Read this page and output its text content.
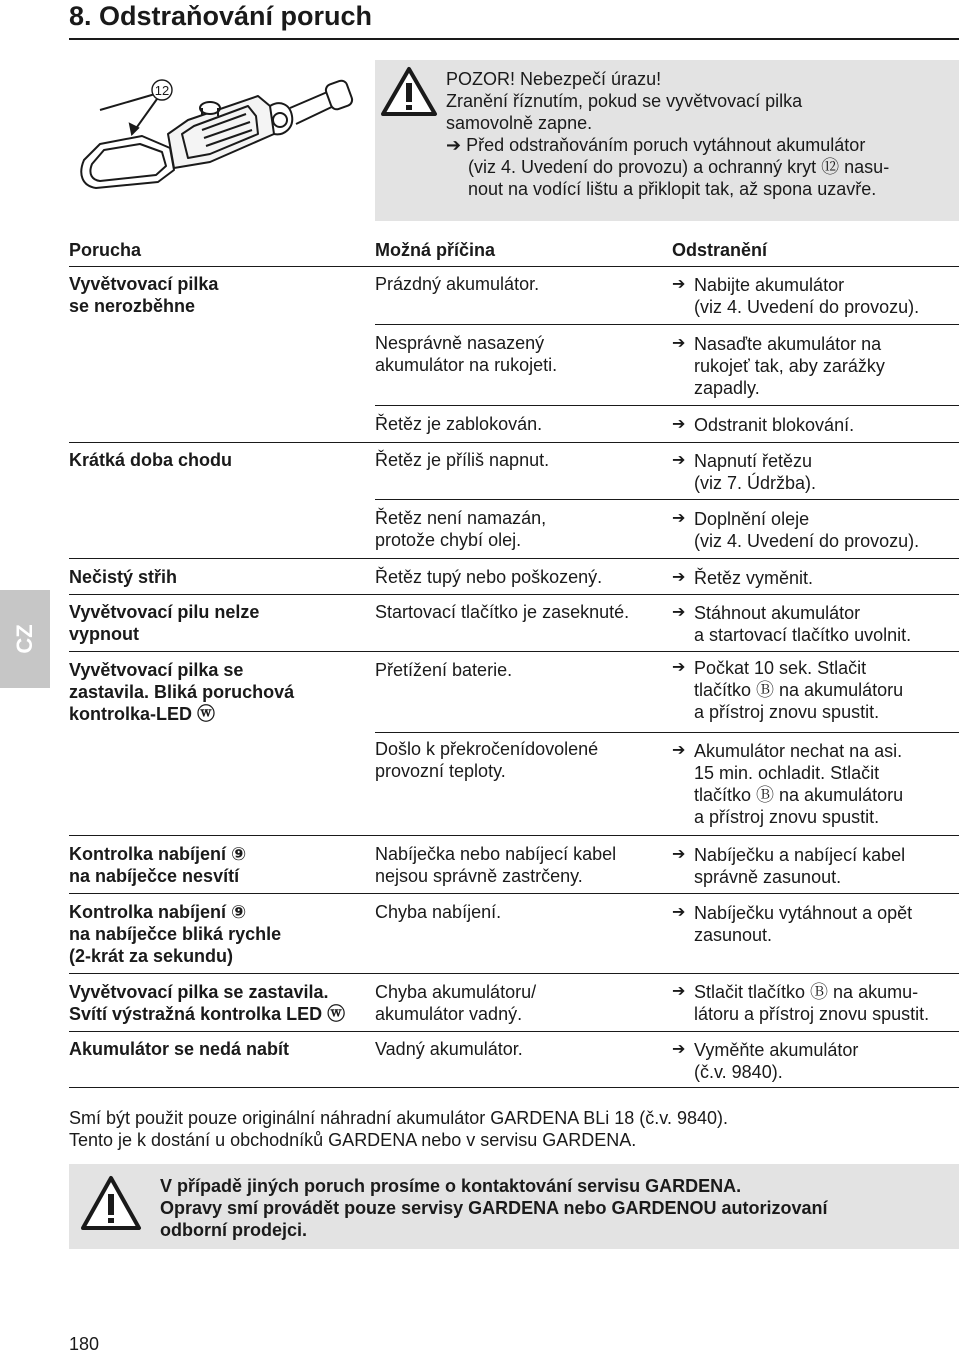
8. Odstraňování poruch
12
POZOR! Nebezpečí úrazu!
Zranění říznutím, pokud se vyvětvovací pilka
samovolně zapne.
➔ Před odstraňováním poruch vytáhnout akumulátor
(viz 4. Uvedení do provozu) a ochranný kryt ⑫ nasu-
nout na vodící lištu a přiklopit tak, až spona uzavře.
Porucha	Možná příčina	Odstranění
Vyvětvovací pilka
se nerozběhne
Krátká doba chodu
Nečistý střih
Vyvětvovací pilu nelze
vypnout
Vyvětvovací pilka se
zastavila. Bliká poruchová
kontrolka-LED ⓦ
Kontrolka nabíjení ⑨
na nabíječce nesvítí
Kontrolka nabíjení ⑨
na nabíječce bliká rychle
(2-krát za sekundu)
Vyvětvovací pilka se zastavila.
Svítí výstražná kontrolka LED ⓦ
Akumulátor se nedá nabít
Prázdný akumulátor.
Nesprávně nasazený
akumulátor na rukojeti.
Řetěz je zablokován.
Řetěz je příliš napnut.
Řetěz není namazán,
protože chybí olej.
Řetěz tupý nebo poškozený.
Startovací tlačítko je zaseknuté.
Přetížení baterie.
Došlo k překročenídovolené
provozní teploty.
Nabíječka nebo nabíjecí kabel
nejsou správně zastrčeny.
Chyba nabíjení.
Chyba akumulátoru/
akumulátor vadný.
Vadný akumulátor.
➔ Nabijte akumulátor
(viz 4. Uvedení do provozu).
➔ Nasaďte akumulátor na
rukojeť tak, aby zarážky
zapadly.
➔ Odstranit blokování.
➔ Napnutí řetězu
(viz 7. Údržba).
➔ Doplnění oleje
(viz 4. Uvedení do provozu).
➔ Řetěz vyměnit.
➔ Stáhnout akumulátor
a startovací tlačítko uvolnit.
➔ Počkat 10 sek. Stlačit
tlačítko Ⓑ na akumulátoru
a přístroj znovu spustit.
➔ Akumulátor nechat na asi.
15 min. ochladit. Stlačit
tlačítko Ⓑ na akumulátoru
a přístroj znovu spustit.
➔ Nabíječku a nabíjecí kabel
správně zasunout.
➔ Nabíječku vytáhnout a opět
zasunout.
➔ Stlačit tlačítko Ⓑ na akumu-
látoru a přístroj znovu spustit.
➔ Vyměňte akumulátor
(č.v. 9840).
CZ
Smí být použit pouze originální náhradní akumulátor GARDENA BLi 18 (č.v. 9840).
Tento je k dostání u obchodníků GARDENA nebo v servisu GARDENA.
V případě jiných poruch prosíme o kontaktování servisu GARDENA.
Opravy smí provádět pouze servisy GARDENA nebo GARDENOU autorizovaní
odborní prodejci.
180
